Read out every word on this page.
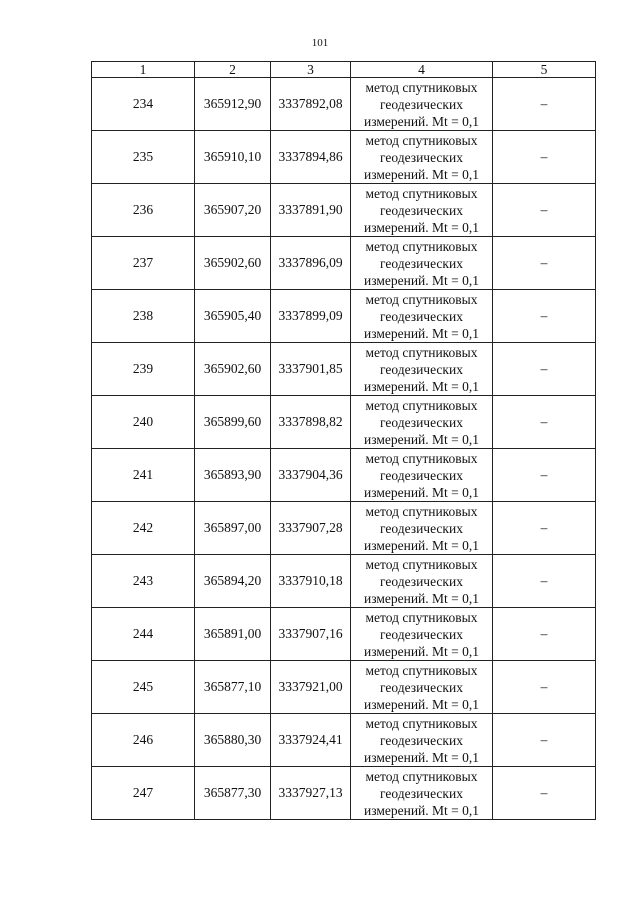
101
1	2	3	4	5
234	365912,90	3337892,08	метод спутниковых
геодезических
измерений. Mt = 0,1	–
235	365910,10	3337894,86	метод спутниковых
геодезических
измерений. Mt = 0,1	–
236	365907,20	3337891,90	метод спутниковых
геодезических
измерений. Mt = 0,1	–
237	365902,60	3337896,09	метод спутниковых
геодезических
измерений. Mt = 0,1	–
238	365905,40	3337899,09	метод спутниковых
геодезических
измерений. Mt = 0,1	–
239	365902,60	3337901,85	метод спутниковых
геодезических
измерений. Mt = 0,1	–
240	365899,60	3337898,82	метод спутниковых
геодезических
измерений. Mt = 0,1	–
241	365893,90	3337904,36	метод спутниковых
геодезических
измерений. Mt = 0,1	–
242	365897,00	3337907,28	метод спутниковых
геодезических
измерений. Mt = 0,1	–
243	365894,20	3337910,18	метод спутниковых
геодезических
измерений. Mt = 0,1	–
244	365891,00	3337907,16	метод спутниковых
геодезических
измерений. Mt = 0,1	–
245	365877,10	3337921,00	метод спутниковых
геодезических
измерений. Mt = 0,1	–
246	365880,30	3337924,41	метод спутниковых
геодезических
измерений. Mt = 0,1	–
247	365877,30	3337927,13	метод спутниковых
геодезических
измерений. Mt = 0,1	–
